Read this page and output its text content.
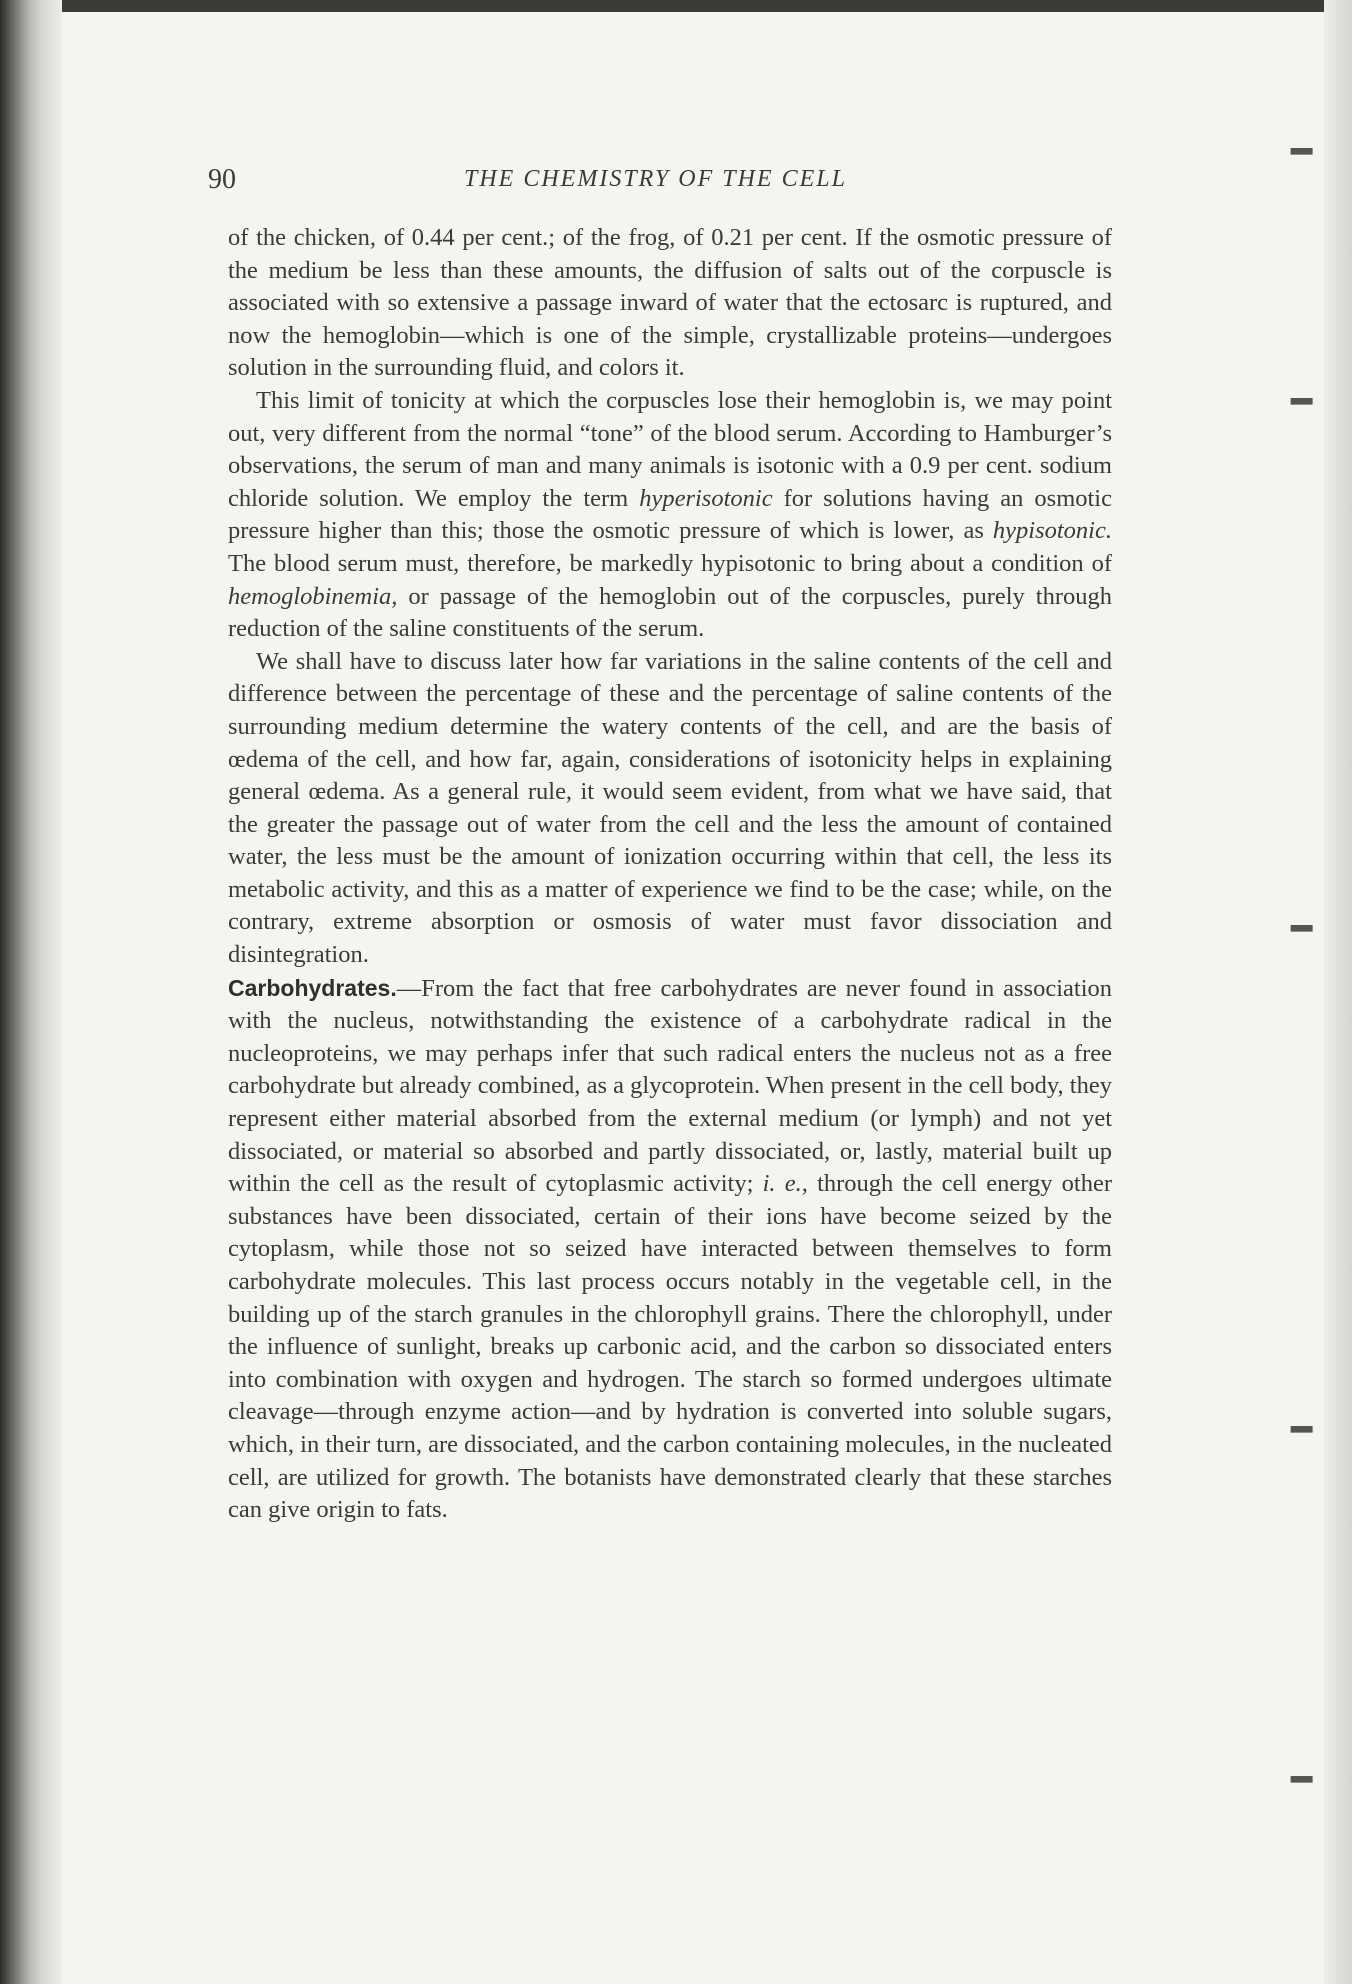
▬
▬
▬
▬
▬
90	THE CHEMISTRY OF THE CELL

of the chicken, of 0.44 per cent.; of the frog, of 0.21 per cent. If the osmotic pressure of the medium be less than these amounts, the diffusion of salts out of the corpuscle is associated with so extensive a passage inward of water that the ectosarc is ruptured, and now the hemoglobin—which is one of the simple, crystallizable proteins—undergoes solution in the surrounding fluid, and colors it.

This limit of tonicity at which the corpuscles lose their hemoglobin is, we may point out, very different from the normal “tone” of the blood serum. According to Hamburger’s observations, the serum of man and many animals is isotonic with a 0.9 per cent. sodium chloride solution. We employ the term hyperisotonic for solutions having an osmotic pressure higher than this; those the osmotic pressure of which is lower, as hypisotonic. The blood serum must, therefore, be markedly hypisotonic to bring about a condition of hemoglobinemia, or passage of the hemoglobin out of the corpuscles, purely through reduction of the saline constituents of the serum.

We shall have to discuss later how far variations in the saline contents of the cell and difference between the percentage of these and the percentage of saline contents of the surrounding medium determine the watery contents of the cell, and are the basis of œdema of the cell, and how far, again, considerations of isotonicity helps in explaining general œdema. As a general rule, it would seem evident, from what we have said, that the greater the passage out of water from the cell and the less the amount of contained water, the less must be the amount of ionization occurring within that cell, the less its metabolic activity, and this as a matter of experience we find to be the case; while, on the contrary, extreme absorption or osmosis of water must favor dissociation and disintegration.

Carbohydrates.—From the fact that free carbohydrates are never found in association with the nucleus, notwithstanding the existence of a carbohydrate radical in the nucleoproteins, we may perhaps infer that such radical enters the nucleus not as a free carbohydrate but already combined, as a glycoprotein. When present in the cell body, they represent either material absorbed from the external medium (or lymph) and not yet dissociated, or material so absorbed and partly dissociated, or, lastly, material built up within the cell as the result of cytoplasmic activity; i. e., through the cell energy other substances have been dissociated, certain of their ions have become seized by the cytoplasm, while those not so seized have interacted between themselves to form carbohydrate molecules. This last process occurs notably in the vegetable cell, in the building up of the starch granules in the chlorophyll grains. There the chlorophyll, under the influence of sunlight, breaks up carbonic acid, and the carbon so dissociated enters into combination with oxygen and hydrogen. The starch so formed undergoes ultimate cleavage—through enzyme action—and by hydration is converted into soluble sugars, which, in their turn, are dissociated, and the carbon containing molecules, in the nucleated cell, are utilized for growth. The botanists have demonstrated clearly that these starches can give origin to fats.
